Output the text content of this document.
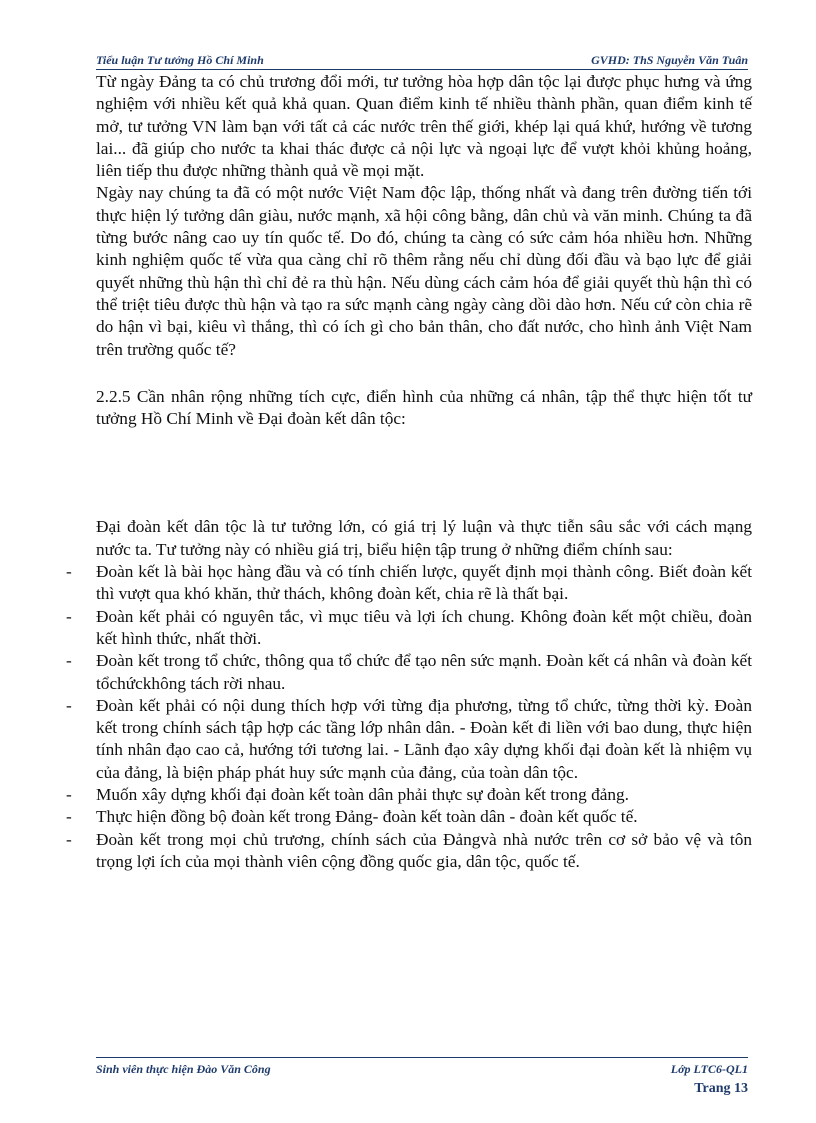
Tiểu luận Tư tưởng Hồ Chí Minh	GVHD: ThS Nguyễn Văn Tuân

Từ ngày Đảng ta có chủ trương đổi mới, tư tưởng hòa hợp dân tộc lại được phục hưng và ứng nghiệm với nhiều kết quả khả quan. Quan điểm kinh tế nhiều thành phần, quan điểm kinh tế mở, tư tưởng VN làm bạn với tất cả các nước trên thế giới, khép lại quá khứ, hướng về tương lai... đã giúp cho nước ta khai thác được cả nội lực và ngoại lực để vượt khỏi khủng hoảng, liên tiếp thu được những thành quả về mọi mặt.

Ngày nay chúng ta đã có một nước Việt Nam độc lập, thống nhất và đang trên đường tiến tới thực hiện lý tưởng dân giàu, nước mạnh, xã hội công bằng, dân chủ và văn minh. Chúng ta đã từng bước nâng cao uy tín quốc tế. Do đó, chúng ta càng có sức cảm hóa nhiều hơn. Những kinh nghiệm quốc tế vừa qua càng chỉ rõ thêm rằng nếu chỉ dùng đối đầu và bạo lực để giải quyết những thù hận thì chỉ đẻ ra thù hận. Nếu dùng cách cảm hóa để giải quyết thù hận thì có thể triệt tiêu được thù hận và tạo ra sức mạnh càng ngày càng dồi dào hơn. Nếu cứ còn chia rẽ do hận vì bại, kiêu vì thắng, thì có ích gì cho bản thân, cho đất nước, cho hình ảnh Việt Nam trên trường quốc tế?

2.2.5 Cần nhân rộng những tích cực, điển hình của những cá nhân, tập thể thực hiện tốt tư tưởng Hồ Chí Minh về Đại đoàn kết dân tộc:

Đại đoàn kết dân tộc là tư tưởng lớn, có giá trị lý luận và thực tiễn sâu sắc với cách mạng nước ta. Tư tưởng này có nhiều giá trị, biểu hiện tập trung ở những điểm chính sau:

- Đoàn kết là bài học hàng đầu và có tính chiến lược, quyết định mọi thành công. Biết đoàn kết thì vượt qua khó khăn, thử thách, không đoàn kết, chia rẽ là thất bại.
- Đoàn kết phải có nguyên tắc, vì mục tiêu và lợi ích chung. Không đoàn kết một chiều, đoàn kết hình thức, nhất thời.
- Đoàn kết trong tổ chức, thông qua tổ chức để tạo nên sức mạnh. Đoàn kết cá nhân và đoàn kết tổchứckhông tách rời nhau.
- Đoàn kết phải có nội dung thích hợp với từng địa phương, từng tổ chức, từng thời kỳ. Đoàn kết trong chính sách tập hợp các tầng lớp nhân dân. - Đoàn kết đi liền với bao dung, thực hiện tính nhân đạo cao cả, hướng tới tương lai. - Lãnh đạo xây dựng khối đại đoàn kết là nhiệm vụ của đảng, là biện pháp phát huy sức mạnh của đảng, của toàn dân tộc.
- Muốn xây dựng khối đại đoàn kết toàn dân phải thực sự đoàn kết trong đảng.
- Thực hiện đồng bộ đoàn kết trong Đảng- đoàn kết toàn dân - đoàn kết quốc tế.
- Đoàn kết trong mọi chủ trương, chính sách của Đảngvà nhà nước trên cơ sở bảo vệ và tôn trọng lợi ích của mọi thành viên cộng đồng quốc gia, dân tộc, quốc tế.
Sinh viên thực hiện Đào Văn Công	Lớp LTC6-QL1
Trang 13
